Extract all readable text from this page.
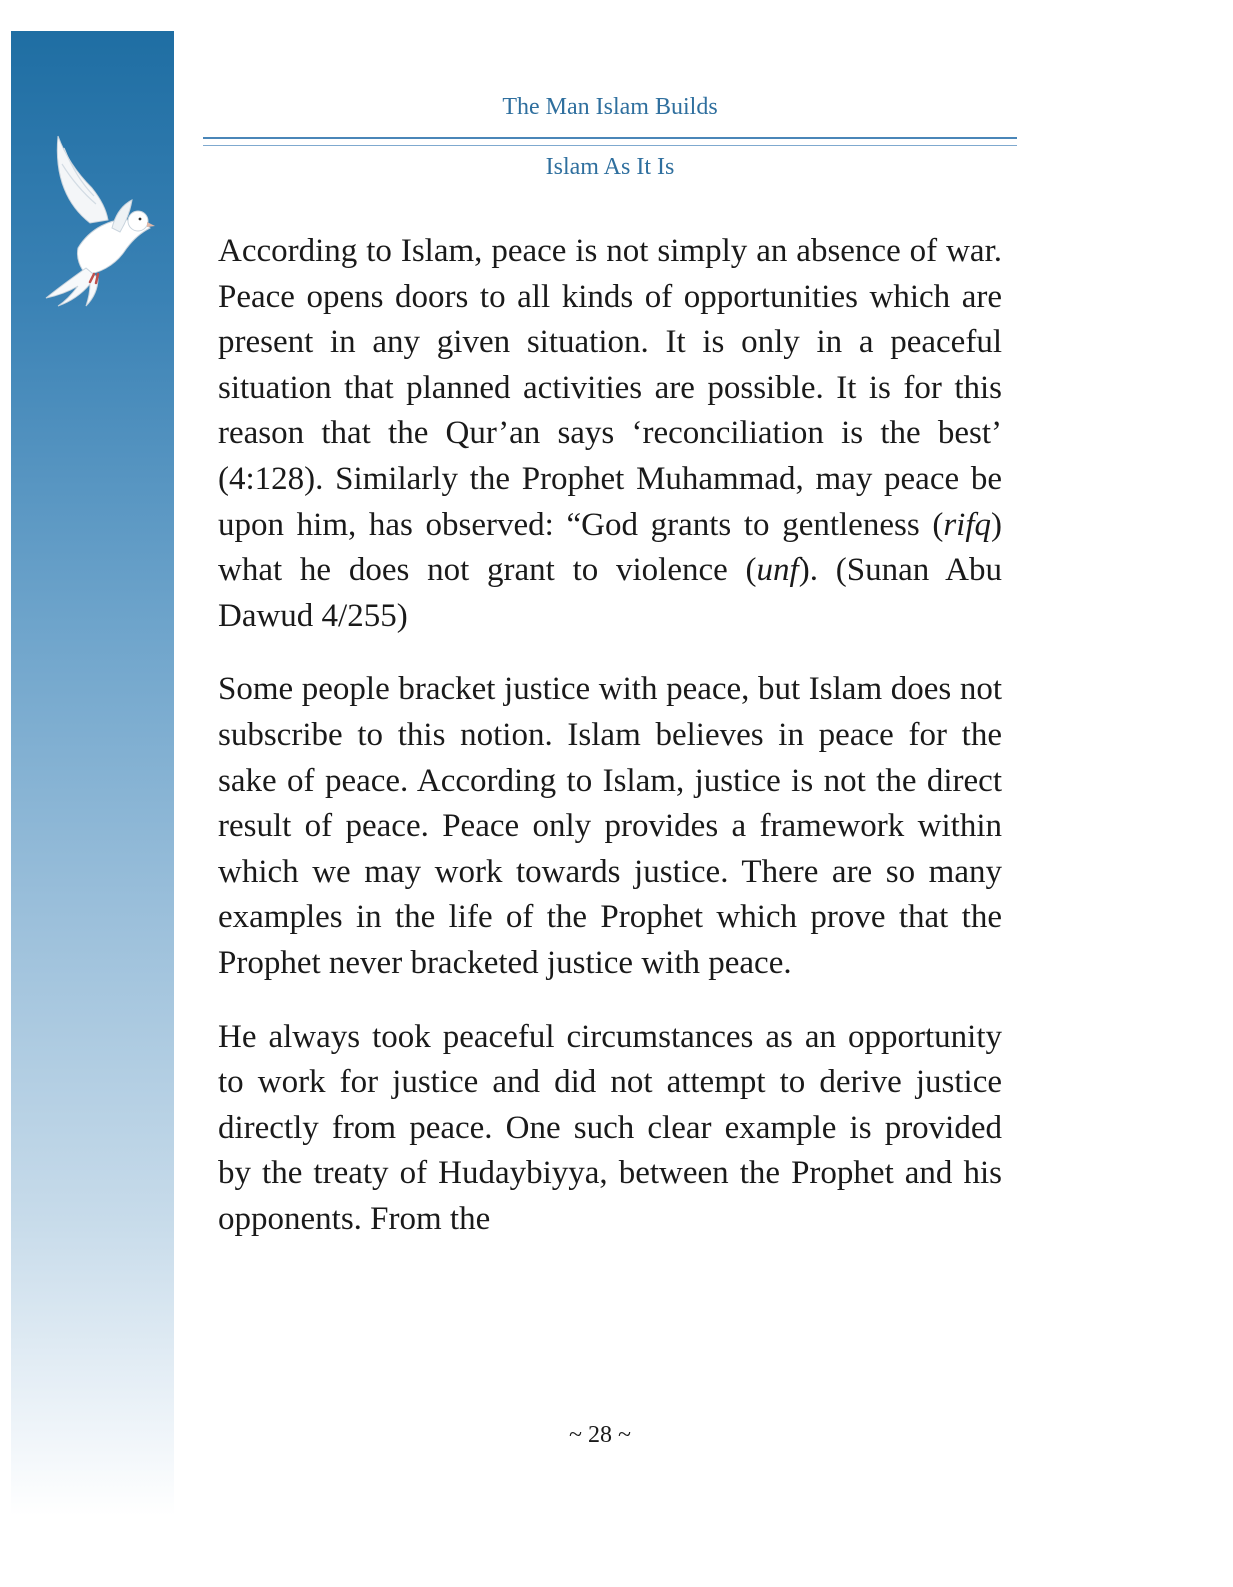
The Man Islam Builds
Islam As It Is

According to Islam, peace is not simply an absence of war. Peace opens doors to all kinds of opportunities which are present in any given situation. It is only in a peaceful situation that planned activities are possible. It is for this reason that the Qur’an says ‘reconciliation is the best’ (4:128). Similarly the Prophet Muhammad, may peace be upon him, has observed: “God grants to gentleness (rifq) what he does not grant to violence (unf). (Sunan Abu Dawud 4/255)

Some people bracket justice with peace, but Islam does not subscribe to this notion. Islam believes in peace for the sake of peace. According to Islam, justice is not the direct result of peace. Peace only provides a framework within which we may work towards justice. There are so many examples in the life of the Prophet which prove that the Prophet never bracketed justice with peace.

He always took peaceful circumstances as an opportunity to work for justice and did not attempt to derive justice directly from peace. One such clear example is provided by the treaty of Hudaybiyya, between the Prophet and his opponents. From the

~ 28 ~
